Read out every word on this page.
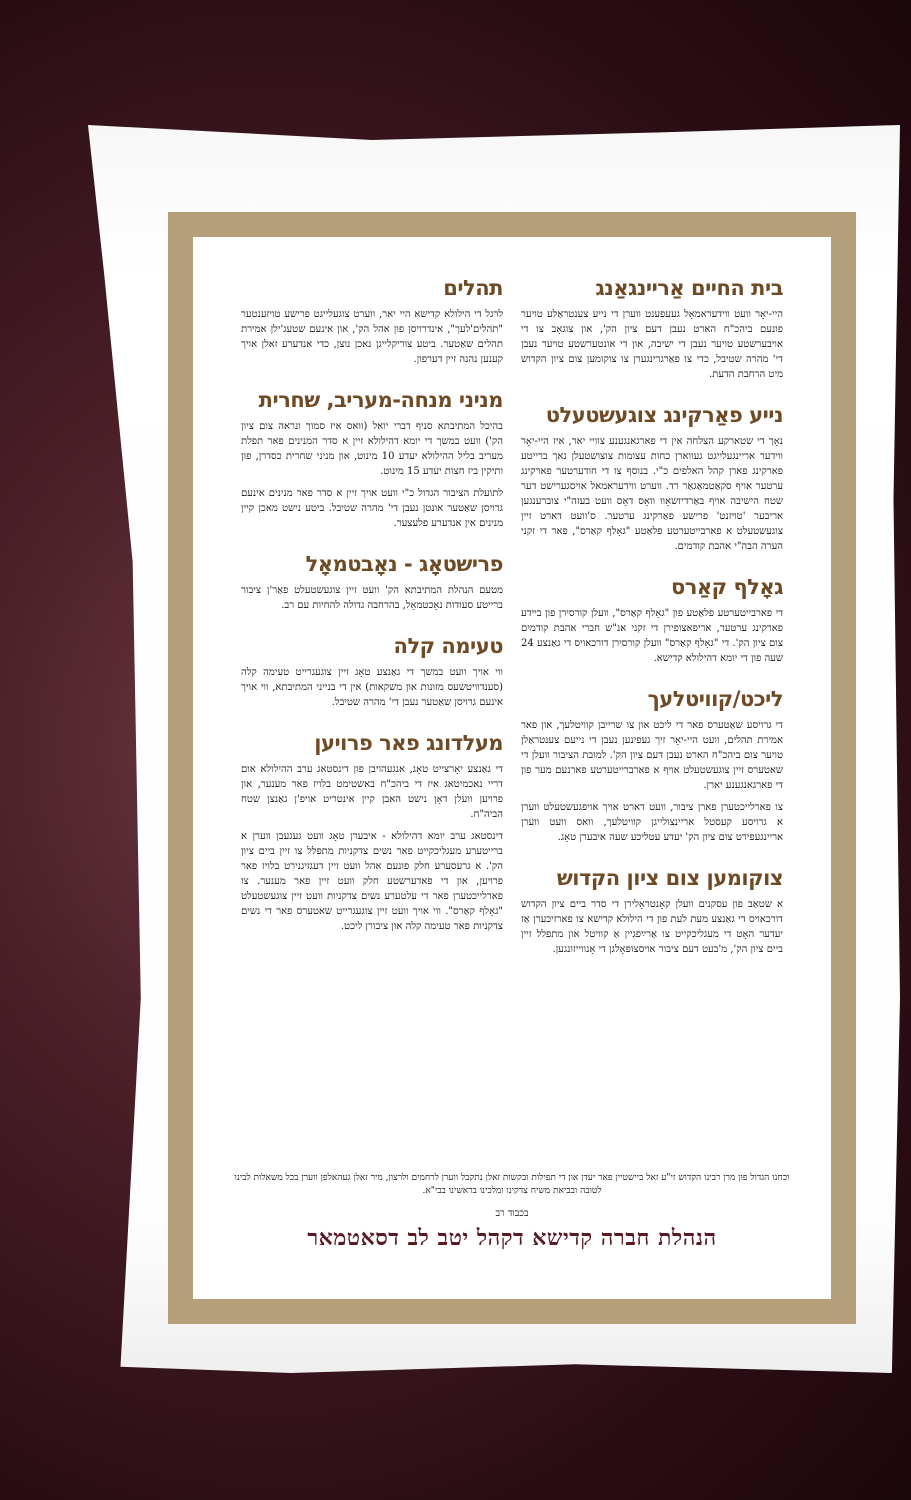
בית החיים אַריינגאַנג

היי-יאָר וועט ווידעראמאָל געעפענט ווערן די נייע צענטראַלע טויער פונעם ביהכ"ח הארט נעבן דעם ציון הק', און צוגאָב צו די אויבערשטע טויער נעבן די ישיבה, און די אונטערשטע טויער נעבן די' מהרה שטיבל, כדי צו פאַרגרינגערן צו צוקומען צום ציון הקדוש מיט הרחבת הדעת.

נייע פאַרקינג צוגעשטעלט

נאָך די שטארקע הצלחה אין די פארגאנגענע צוויי יאר, איז היי-יאָר ווידער אריינגעלייגט געווארן כחות עצומות צוצושטעלן נאך ברייטע פארקינג פארן קהל האלפים כ"י. בנוסף צו די חודערטער פארקינג ערטער אויף סקאַטמאַגאַר רד. ווערט ווידעראמאל אויסגערישט דער שטח הישיבה אויף באַרדיזשאָוו וואָס דאָס וועט בעזה"י צוברענגען אריבער 'טויזנט' פרישע פאַרקינג ערטער. ס'וועט דארט זיין צוגעשטעלט א פארבייטערטע פלאַטע "גאָלף קאַרס", פאר די זקני הערה הבה"י אהבת קודמים.

גאָלף קאַרס

די פארבייטערטע פלאַטע פון "גאָלף קאַרס", וועלן קורסירן פון ביידע פארקינג ערטער, אריפאצופירן די זקני אנ"ש חברי אהבת קודמים צום ציון הק'. די "גאָלף קאַרס" וועלן קורסירן דורכאויס די גאַנצע 24 שעה פון די יומא דהילולא קדישא.

ליכט/קוויטלעך

די גרויסע שאַטערס פאר די ליכט און צו שרייבן קוויטלעך, און פאר אמירת תהלים, וועט היי-יאָר זיך געפינען נעבן די נייעם צענטראַלן טויער צום ביהכ"ח הארט נעבן דעם ציון הק'. למובת הציבור וועלן די שאטערס זיין צוגעשטעלט אויף א פארברייטערטע פארנעם מער פון די פארגאנגענע יארן.

צו פארלייכטערן פארן ציבור, וועט דארט אויך אויפגעשטעלט ווערן א גרויסע קעסטל אריינצולייגן קוויטלעך, וואס וועט ווערן אריינגעפירט צום ציון הק' יעדע עטליכע שעה איבערן טאָג.

צוקומען צום ציון הקדוש

א שטאַב פון עסקנים וועלן קאָנטראָלירן די סדר ביים ציון הקדוש דורכאויס די גאַנצע מעת לעת פון די הילולא קדישא צו פארזיכערן אַז יעדער האָט די מעגליכקייט צו אַרײַפגיין אַ קוויטל און מתפלל זיין ביים ציון הק', מ'בעט דעם ציבור אויסצופאָלגן די אָנווייזונגען.

תהלים

לרגל די הילולא קדישא היי יאר, ווערט צוגעלייגט פרישע טויזענטער "תהלים'לעך", אינדרויסן פון אהל הק', און אינעם שטעג'ילן אמירת תהלים שאַטער. ביטע צוריקלייגן נאכן נוצן, כדי אנדערע זאלן אויך קענען נהנה זיין דערפון.

מניני מנחה-מעריב, שחרית

בהיכל המתיבתא סניף דברי יואל (וואס איז סמוך ונראה צום ציון הק') וועט במשך די יומא דהילולא זיין א סדר המנינים פאר תפלת מעריב בליל ההילולא יעדע 10 מינוט, און מניני שחרית כסדרן, פון ותיקין ביז חצות יעדע 15 מינוט.

לתועלת הציבור הגדול כ"י וועט אויך זיין א סדר פאר מנינים אינעם גרויסן שאַטער אונטן נעבן די' מהרה שטיבל. ביטע נישט מאכן קיין מנינים אין אנדערע פלעצער.

פרישטאָג - נאָבטמאָל

מטעם הנהלת המתיבתא הק' וועט זיין צוגעשטעלט פאַר'ן ציבור ברייטע סעודות נאָכטמאָל, בהרחבה גדולה להחיות עם רב.

טעימה קלה

ווי אויך וועט במשך די גאַנצע טאָג זיין צוגעגרייט טעימה קלה (סענדוויטשעס מזונות און משקאות) אין די בנייני המתיבתא, ווי אויך אינעם גרויסן שאַטער נעבן די' מהרה שטיבל.

מעלדונג פאר פרויען

די גאַנצע יאָרצייט טאָג, אנגעהויבן פון דינסטאג ערב ההילולא אום דריי נאכמיטאג איז די ביהכ"ח באשטימט בלויז פאר מענער, און פרויען וועלן דאָן נישט האבן קיין אינטריט אויפ'ן גאַנצן שטח הביה"ח.

דינסטאג ערב יומא דהילולא - איבערן טאָג וועט געגעבן ווערן א ברייטערע מעגליכקייט פאר נשים צדקניות מתפלל צו זיין ביים ציון הק'. א גרעסערע חלק פונעם אהל וועט זיין דעגזיגנירט בלויז פאר פרויען, און די פאדערשטע חלק וועט זיין פאר מענער. צו פארלייכטערן פאר די עלטערע נשים צדקניות וועט זיין צוגעשטעלט "גאָלף קאַרס". ווי אויך וועט זיין צוגעגרייט שאטערס פאר די נשים צדקניות פאר טעימה קלה און ציבורן ליכט.

וכחנו הגדול פון מרן רבינו הקדוש זי"ע זאל ביישטיין פאר יעדן און די תפילות ובקשות זאלן נתקבל ווערן לרחמים ולרצון, מיר זאלן געהאלפן ווערן בכל משאלות לבינו לטובה ובביאת משיח צדקינו ומלכינו בראשינו בבי"א.

בכבוד רב

הנהלת חברה קדישא דקהל יטב לב דסאטמאר
